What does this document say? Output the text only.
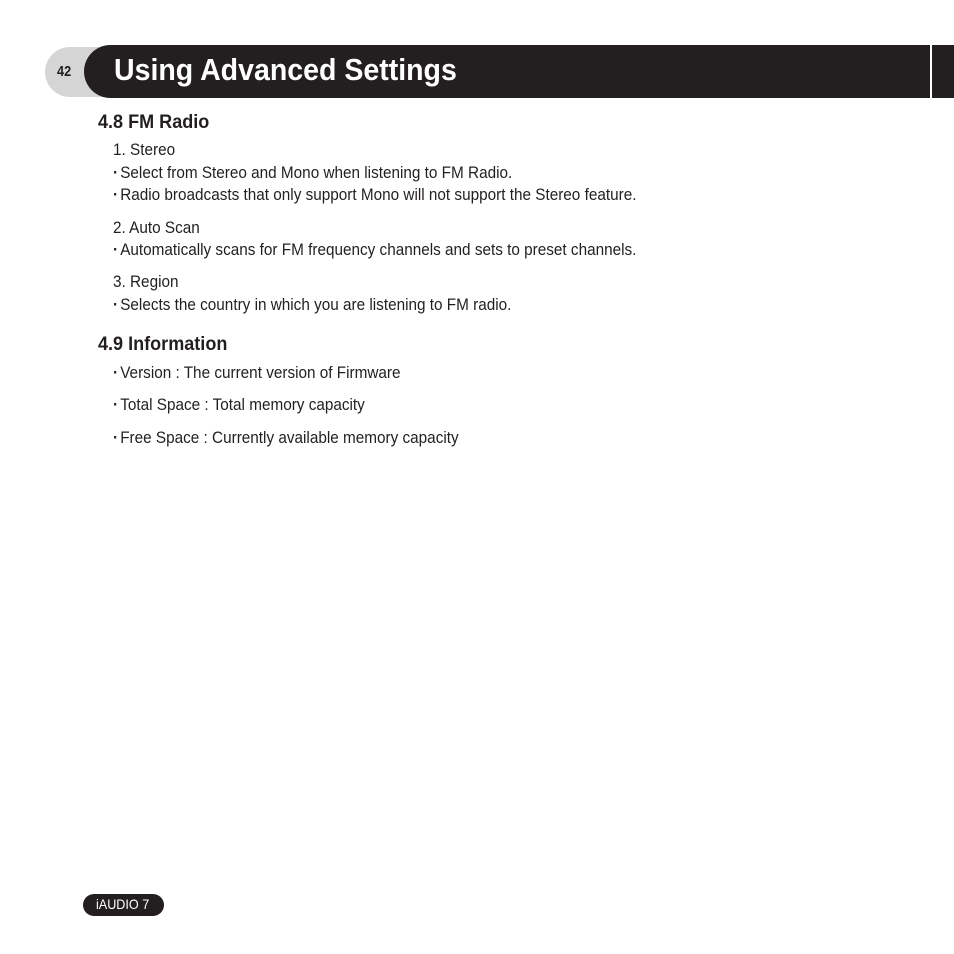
42 Using Advanced Settings
4.8 FM Radio
1. Stereo
· Select from Stereo and Mono when listening to FM Radio.
· Radio broadcasts that only support Mono will not support the Stereo feature.
2. Auto Scan
· Automatically scans for FM frequency channels and sets to preset channels.
3. Region
· Selects the country in which you are listening to FM radio.
4.9 Information
· Version : The current version of Firmware
· Total Space : Total memory capacity
· Free Space : Currently available memory capacity
iAUDIO 7
